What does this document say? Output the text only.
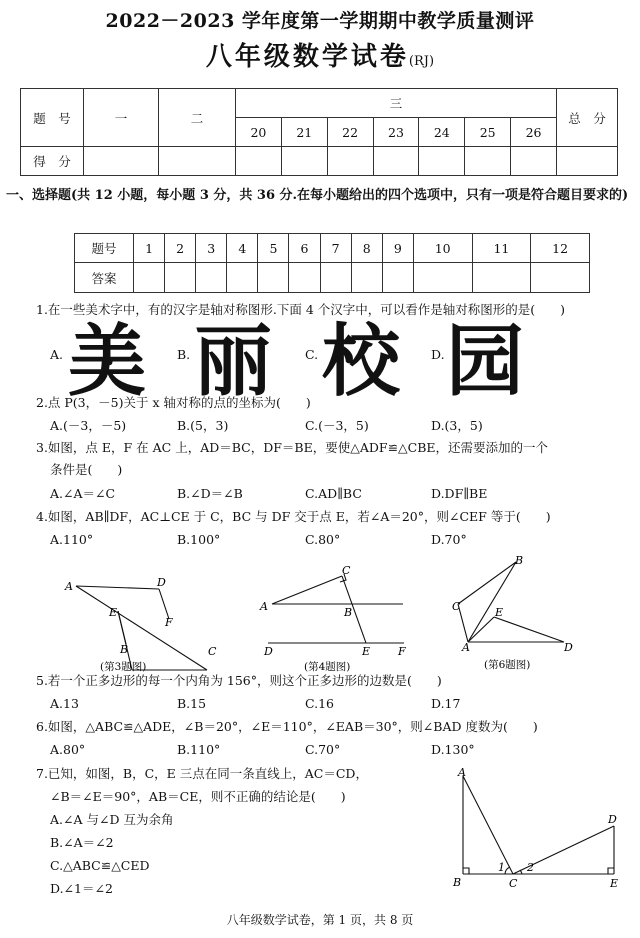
2022－2023 学年度第一学期期中教学质量测评
八年级数学试卷(RJ)
题　号	一	二	三							总　分
			20	21	22	23	24	25	26	
得　分										
一、选择题(共 12 小题，每小题 3 分，共 36 分.在每小题给出的四个选项中，只有一项是符合题目要求的)
题号	1	2	3	4	5	6	7	8	9	10	11	12
答案												
1.在一些美术字中，有的汉字是轴对称图形.下面 4 个汉字中，可以看作是轴对称图形的是(　　)
A. 美 B. 丽	C. 校 D. 园
2.点 P(3，－5)关于 x 轴对称的点的坐标为(　　)
A.(－3，－5)	B.(5，3)	C.(－3，5)	D.(3，5)
3.如图，点 E，F 在 AC 上，AD＝BC，DF＝BE，要使△ADF≌△CBE，还需要添加的一个
条件是(　　)
A.∠A＝∠C	B.∠D＝∠B	C.AD∥BC	D.DF∥BE
4.如图，AB∥DF，AC⊥CE 于 C，BC 与 DF 交于点 E，若∠A＝20°，则∠CEF 等于(　　)
A.110°	B.100°	C.80°	D.70°
A	D
E
F
B	C
(第3题图)
C
A	B
D	E	F
(第4题图)
B
C	E
A	D
(第6题图)
5.若一个正多边形的每一个内角为 156°，则这个正多边形的边数是(　　)
A.13	B.15	C.16	D.17
6.如图，△ABC≌△ADE，∠B＝20°，∠E＝110°，∠EAB＝30°，则∠BAD 度数为(　　)
A.80°	B.110°	C.70°	D.130°
7.已知，如图，B，C，E 三点在同一条直线上，AC＝CD，
∠B＝∠E＝90°，AB＝CE，则不正确的结论是(　　)
A.∠A 与∠D 互为余角
B.∠A＝∠2
C.△ABC≌△CED
D.∠1＝∠2
A
D
B	C	E
1 2
八年级数学试卷，第 1 页，共 8 页
